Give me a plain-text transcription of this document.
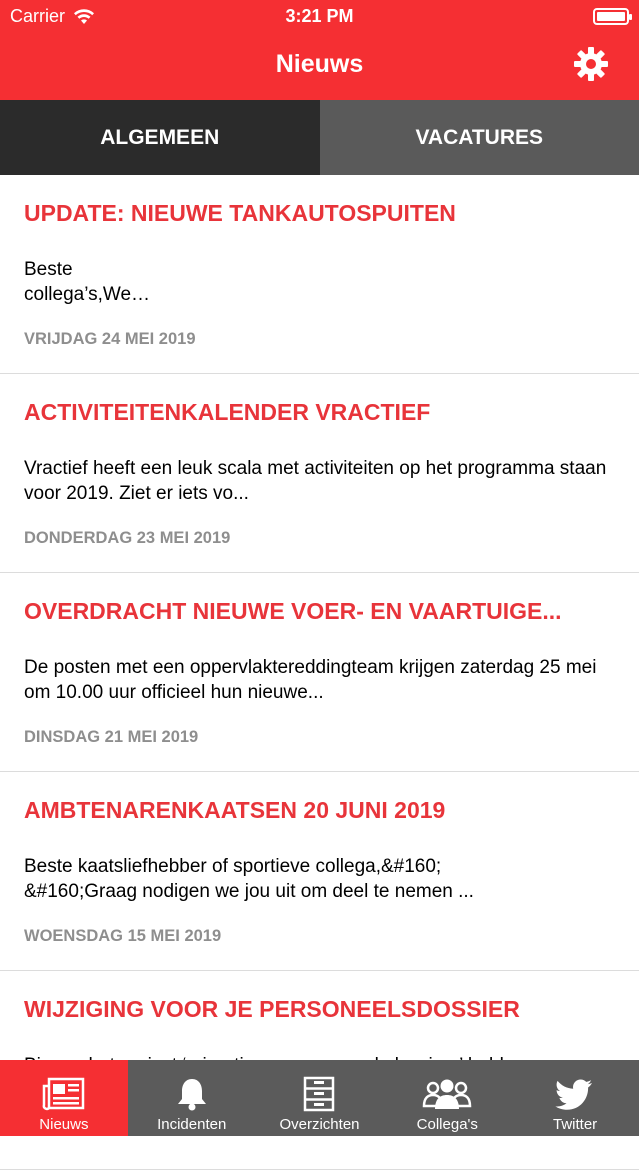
Carrier	3:21 PM
Nieuws
ALGEMEEN	VACATURES
UPDATE: NIEUWE TANKAUTOSPUITEN
Beste
collega’s,We…
VRIJDAG 24 MEI 2019
ACTIVITEITENKALENDER VRACTIEF
Vractief heeft een leuk scala met activiteiten op het programma staan voor 2019. Ziet er iets vo...
DONDERDAG 23 MEI 2019
OVERDRACHT NIEUWE VOER- EN VAARTUIGE...
De posten met een oppervlaktereddingteam krijgen zaterdag 25 mei om 10.00 uur officieel hun nieuwe...
DINSDAG 21 MEI 2019
AMBTENARENKAATSEN 20 JUNI 2019
Beste kaatsliefhebber of sportieve collega,&#160;
&#160;Graag nodigen we jou uit om deel te nemen ...
WOENSDAG 15 MEI 2019
WIJZIGING VOOR JE PERSONEELSDOSSIER
Nieuws	Incidenten	Overzichten	Collega's	Twitter
